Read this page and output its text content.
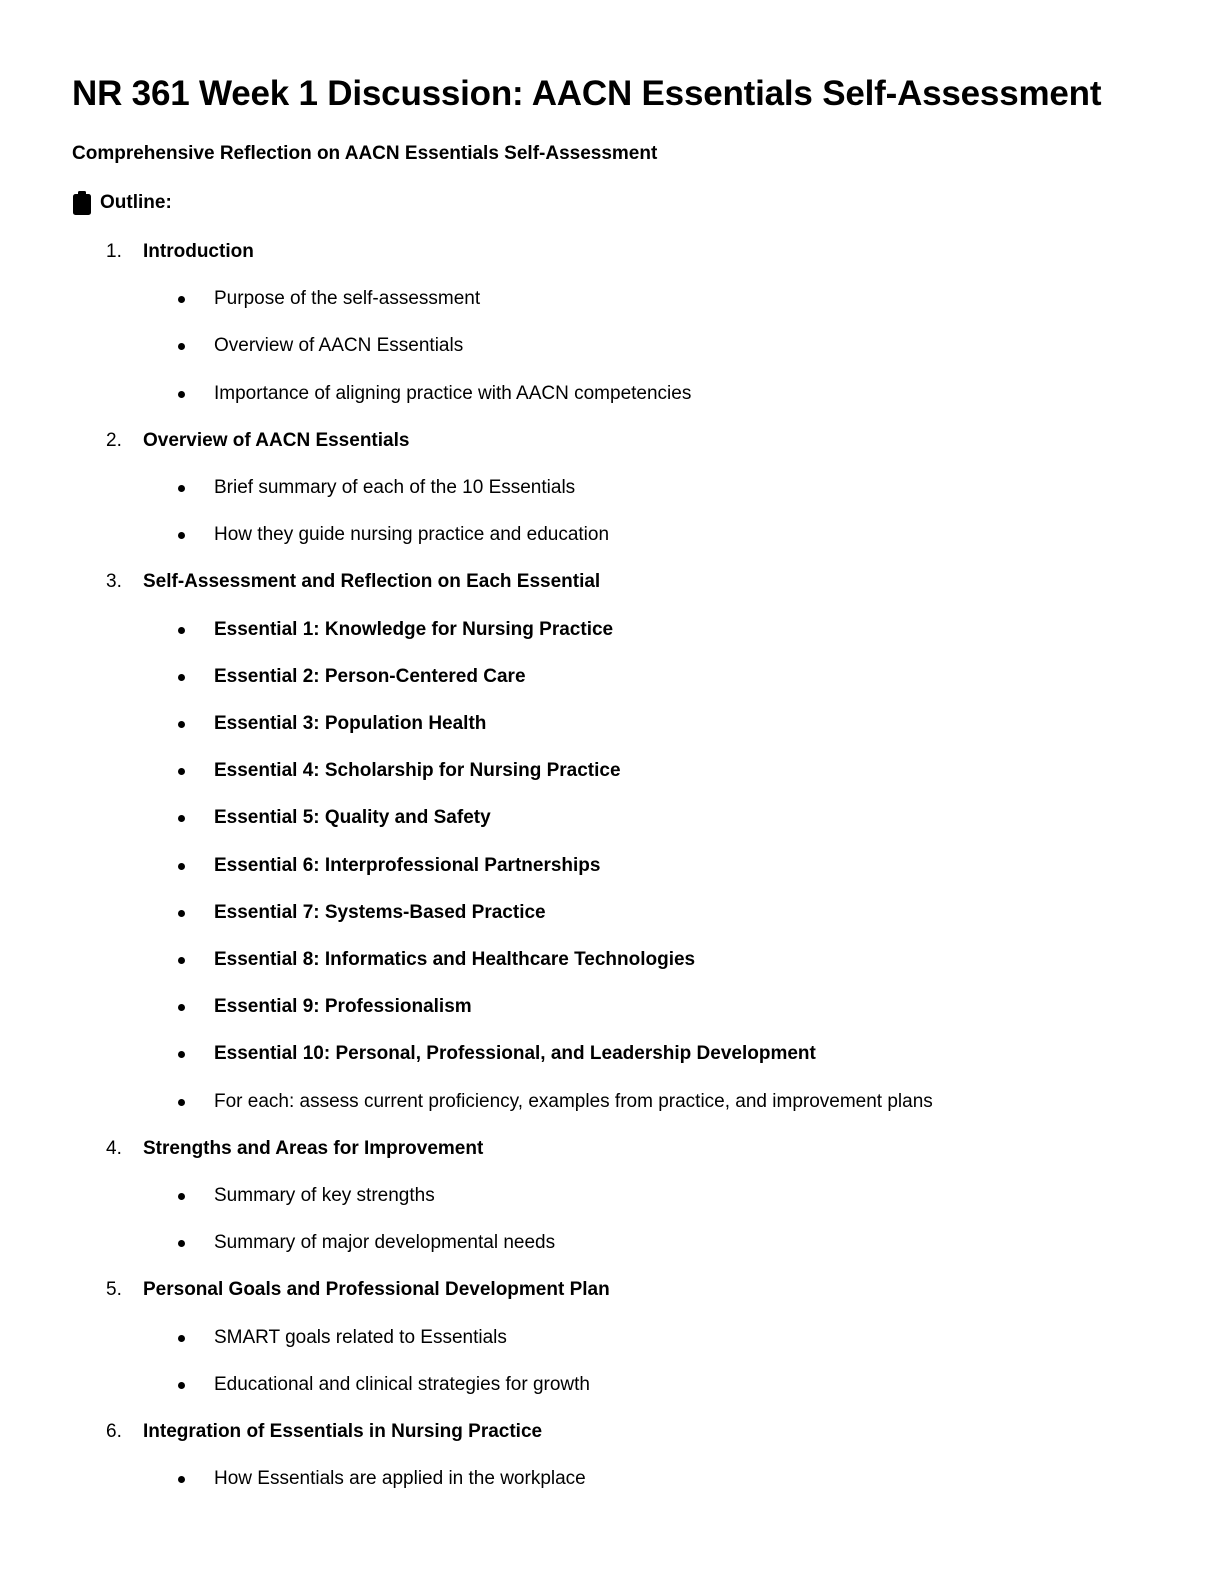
NR 361 Week 1 Discussion: AACN Essentials Self-Assessment
Comprehensive Reflection on AACN Essentials Self-Assessment
Outline:
1.	Introduction
Purpose of the self-assessment
Overview of AACN Essentials
Importance of aligning practice with AACN competencies
2.	Overview of AACN Essentials
Brief summary of each of the 10 Essentials
How they guide nursing practice and education
3.	Self-Assessment and Reflection on Each Essential
Essential 1: Knowledge for Nursing Practice
Essential 2: Person-Centered Care
Essential 3: Population Health
Essential 4: Scholarship for Nursing Practice
Essential 5: Quality and Safety
Essential 6: Interprofessional Partnerships
Essential 7: Systems-Based Practice
Essential 8: Informatics and Healthcare Technologies
Essential 9: Professionalism
Essential 10: Personal, Professional, and Leadership Development
For each: assess current proficiency, examples from practice, and improvement plans
4.	Strengths and Areas for Improvement
Summary of key strengths
Summary of major developmental needs
5.	Personal Goals and Professional Development Plan
SMART goals related to Essentials
Educational and clinical strategies for growth
6.	Integration of Essentials in Nursing Practice
How Essentials are applied in the workplace
